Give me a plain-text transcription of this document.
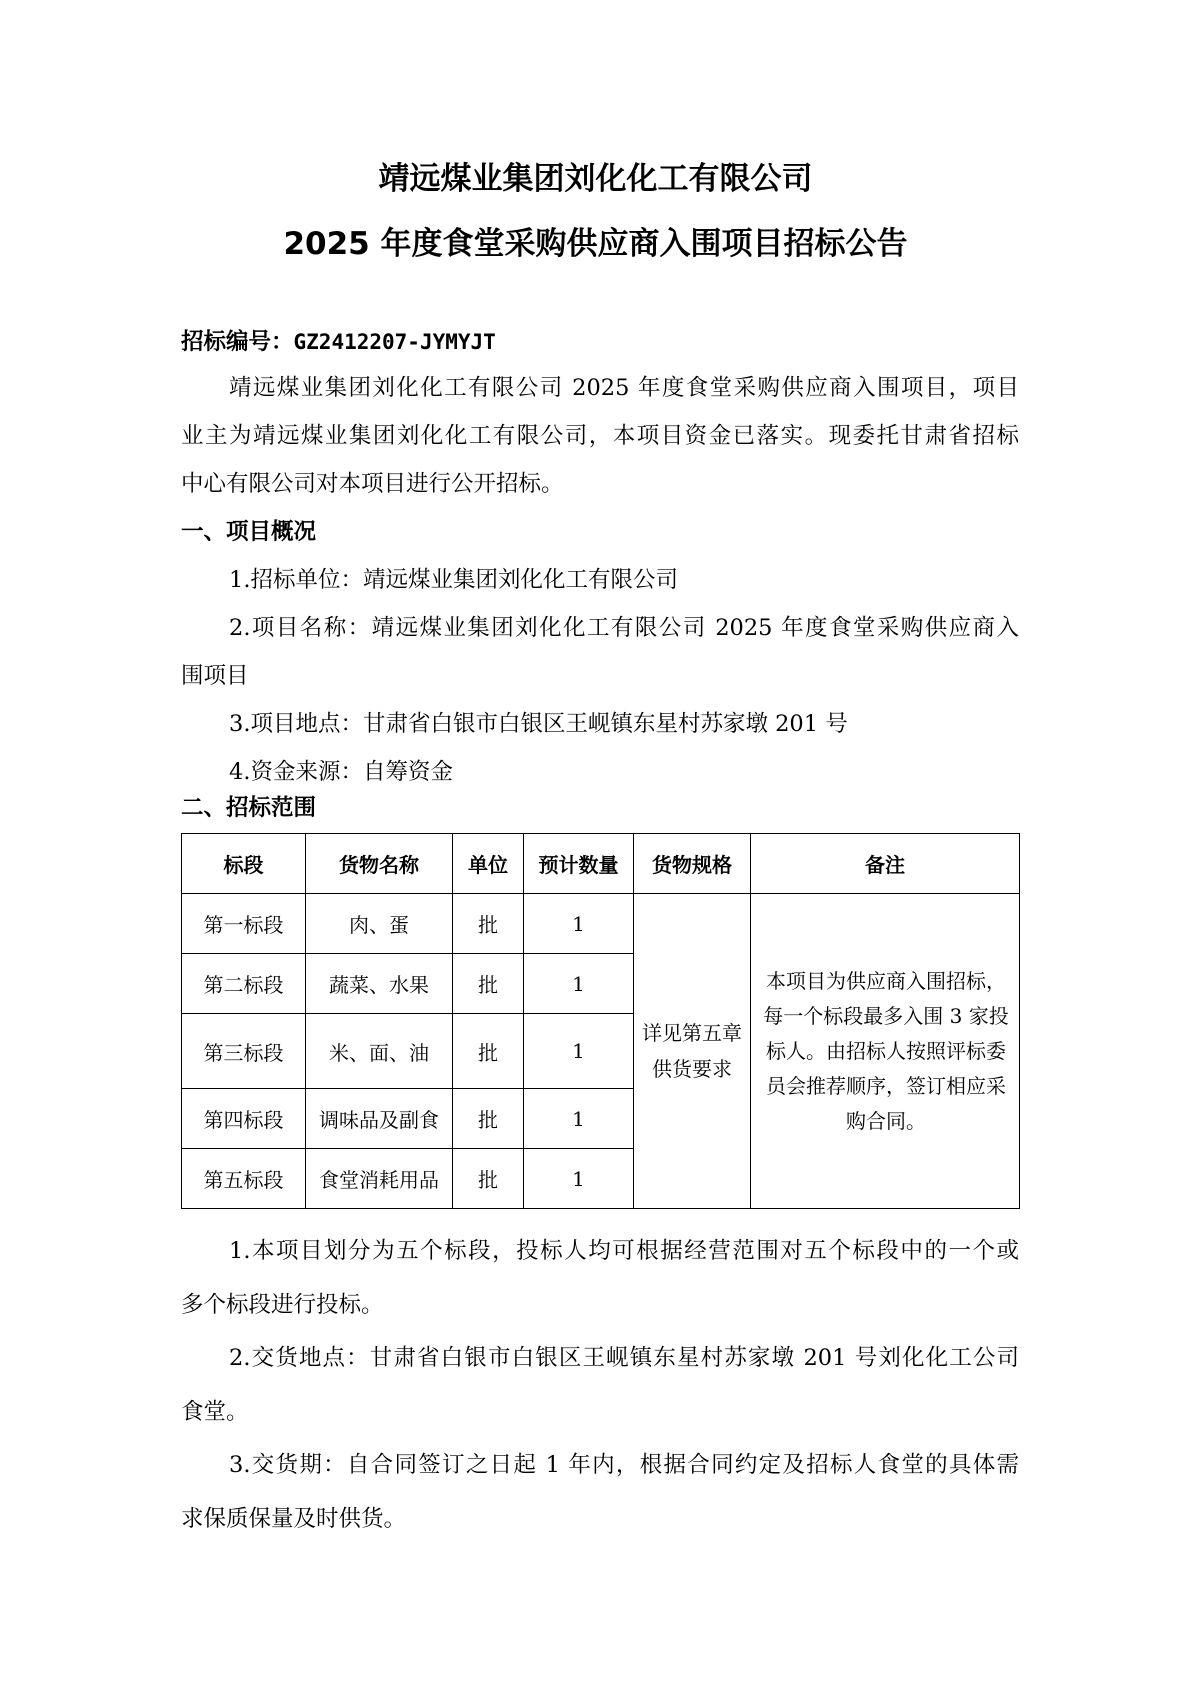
靖远煤业集团刘化化工有限公司
2025 年度食堂采购供应商入围项目招标公告
招标编号：GZ2412207-JYMYJT
靖远煤业集团刘化化工有限公司 2025 年度食堂采购供应商入围项目，项目
业主为靖远煤业集团刘化化工有限公司，本项目资金已落实。现委托甘肃省招标
中心有限公司对本项目进行公开招标。
一、项目概况
1.招标单位：靖远煤业集团刘化化工有限公司
2.项目名称：靖远煤业集团刘化化工有限公司 2025 年度食堂采购供应商入
围项目
3.项目地点：甘肃省白银市白银区王岘镇东星村苏家墩 201 号
4.资金来源：自筹资金
二、招标范围
标段	货物名称	单位	预计数量	货物规格	备注
第一标段	肉、蛋	批	1	详见第五章供货要求	本项目为供应商入围招标，每一个标段最多入围 3 家投标人。由招标人按照评标委员会推荐顺序，签订相应采购合同。
第二标段	蔬菜、水果	批	1		
第三标段	米、面、油	批	1		
第四标段	调味品及副食	批	1		
第五标段	食堂消耗用品	批	1		
1.本项目划分为五个标段，投标人均可根据经营范围对五个标段中的一个或
多个标段进行投标。
2.交货地点：甘肃省白银市白银区王岘镇东星村苏家墩 201 号刘化化工公司
食堂。
3.交货期：自合同签订之日起 1 年内，根据合同约定及招标人食堂的具体需
求保质保量及时供货。
